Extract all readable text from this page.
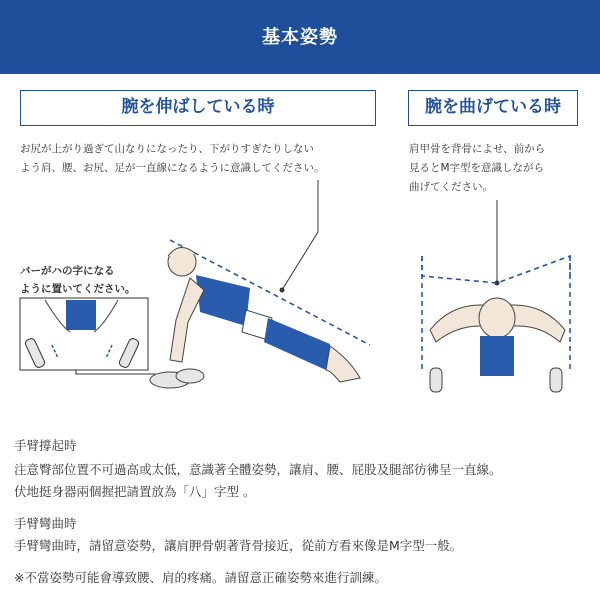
基本姿勢
腕を伸ばしている時	腕を曲げている時
お尻が上がり過ぎて山なりになったり、下がりすぎたりしない
よう肩、腰、お尻、足が一直線になるように意識してください。
肩甲骨を背骨によせ、前から
見るとM字型を意識しながら
曲げてください。
バーがハの字になる
ように置いてください。
手臂撐起時
注意臀部位置不可過高或太低，意識著全體姿勢，讓肩、腰、屁股及腿部彷彿呈一直線。
伏地挺身器兩個握把請置放為「八」字型 。
手臂彎曲時
手臂彎曲時，請留意姿勢，讓肩胛骨朝著背骨接近，從前方看來像是M字型一般。
※不當姿勢可能會導致腰、肩的疼痛。請留意正確姿勢來進行訓練。
